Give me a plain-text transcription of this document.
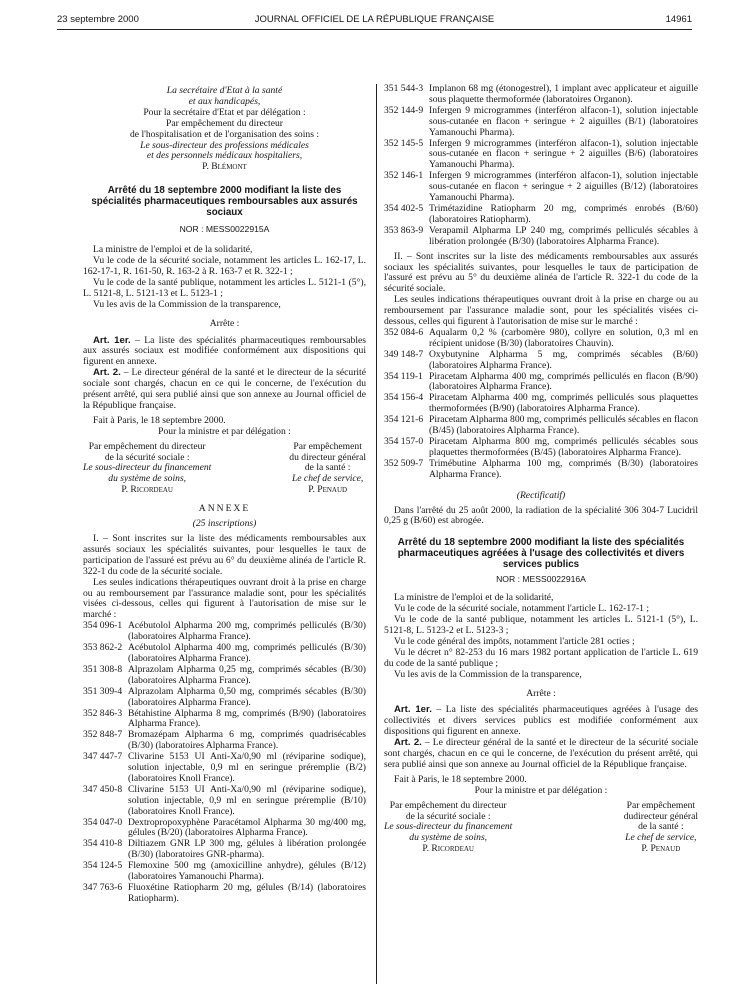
23 septembre 2000	JOURNAL OFFICIEL DE LA RÉPUBLIQUE FRANÇAISE	14961
La secrétaire d'Etat à la santé
et aux handicapés,
Pour la secrétaire d'Etat et par délégation :
Par empêchement du directeur
de l'hospitalisation et de l'organisation des soins :
Le sous-directeur des professions médicales
et des personnels médicaux hospitaliers,
P. Blémont
Arrêté du 18 septembre 2000 modifiant la liste des spécialités pharmaceutiques remboursables aux assurés sociaux
NOR : MESS0022915A
La ministre de l'emploi et de la solidarité,
Vu le code de la sécurité sociale, notamment les articles L. 162-17, L. 162-17-1, R. 161-50, R. 163-2 à R. 163-7 et R. 322-1 ;
Vu le code de la santé publique, notamment les articles L. 5121-1 (5°), L. 5121-8, L. 5121-13 et L. 5123-1 ;
Vu les avis de la Commission de la transparence,
Arrête :
Art. 1er. – La liste des spécialités pharmaceutiques remboursables aux assurés sociaux est modifiée conformément aux dispositions qui figurent en annexe.
Art. 2. – Le directeur général de la santé et le directeur de la sécurité sociale sont chargés, chacun en ce qui le concerne, de l'exécution du présent arrêté, qui sera publié ainsi que son annexe au Journal officiel de la République française.
Fait à Paris, le 18 septembre 2000.
Pour la ministre et par délégation :
Par empêchement du directeur
de la sécurité sociale :
Le sous-directeur du financement
du système de soins,
P. Ricordeau
Par empêchement
du directeur général
de la santé :
Le chef de service,
P. Penaud
ANNEXE
(25 inscriptions)
I. – Sont inscrites sur la liste des médicaments remboursables aux assurés sociaux les spécialités suivantes, pour lesquelles le taux de participation de l'assuré est prévu au 6° du deuxième alinéa de l'article R. 322-1 du code de la sécurité sociale.
Les seules indications thérapeutiques ouvrant droit à la prise en charge ou au remboursement par l'assurance maladie sont, pour les spécialités visées ci-dessous, celles qui figurent à l'autorisation de mise sur le marché :
354 096-1 Acébutolol Alpharma 200 mg, comprimés pelliculés (B/30) (laboratoires Alpharma France).
353 862-2 Acébutolol Alpharma 400 mg, comprimés pelliculés (B/30) (laboratoires Alpharma France).
351 308-8 Alprazolam Alpharma 0,25 mg, comprimés sécables (B/30) (laboratoires Alpharma France).
351 309-4 Alprazolam Alpharma 0,50 mg, comprimés sécables (B/30) (laboratoires Alpharma France).
352 846-3 Bétahistine Alpharma 8 mg, comprimés (B/90) (laboratoires Alpharma France).
352 848-7 Bromazépam Alpharma 6 mg, comprimés quadrisécables (B/30) (laboratoires Alpharma France).
347 447-7 Clivarine 5153 UI Anti-Xa/0,90 ml (réviparine sodique), solution injectable, 0,9 ml en seringue préremplie (B/2) (laboratoires Knoll France).
347 450-8 Clivarine 5153 UI Anti-Xa/0,90 ml (réviparine sodique), solution injectable, 0,9 ml en seringue préremplie (B/10) (laboratoires Knoll France).
354 047-0 Dextropropoxyphène Paracétamol Alpharma 30 mg/400 mg, gélules (B/20) (laboratoires Alpharma France).
354 410-8 Diltiazem GNR LP 300 mg, gélules à libération prolongée (B/30) (laboratoires GNR-pharma).
354 124-5 Flemoxine 500 mg (amoxicilline anhydre), gélules (B/12) (laboratoires Yamanouchi Pharma).
347 763-6 Fluoxétine Ratiopharm 20 mg, gélules (B/14) (laboratoires Ratiopharm).
351 544-3 Implanon 68 mg (étonogestrel), 1 implant avec applicateur et aiguille sous plaquette thermoformée (laboratoires Organon).
352 144-9 Infergen 9 microgrammes (interféron alfacon-1), solution injectable sous-cutanée en flacon + seringue + 2 aiguilles (B/1) (laboratoires Yamanouchi Pharma).
352 145-5 Infergen 9 microgrammes (interféron alfacon-1), solution injectable sous-cutanée en flacon + seringue + 2 aiguilles (B/6) (laboratoires Yamanouchi Pharma).
352 146-1 Infergen 9 microgrammes (interféron alfacon-1), solution injectable sous-cutanée en flacon + seringue + 2 aiguilles (B/12) (laboratoires Yamanouchi Pharma).
354 402-5 Trimétazidine Ratiopharm 20 mg, comprimés enrobés (B/60) (laboratoires Ratiopharm).
353 863-9 Verapamil Alpharma LP 240 mg, comprimés pelliculés sécables à libération prolongée (B/30) (laboratoires Alpharma France).
II. – Sont inscrites sur la liste des médicaments remboursables aux assurés sociaux les spécialités suivantes, pour lesquelles le taux de participation de l'assuré est prévu au 5° du deuxième alinéa de l'article R. 322-1 du code de la sécurité sociale.
Les seules indications thérapeutiques ouvrant droit à la prise en charge ou au remboursement par l'assurance maladie sont, pour les spécialités visées ci-dessous, celles qui figurent à l'autorisation de mise sur le marché :
352 084-6 Aqualarm 0,2 % (carbomère 980), collyre en solution, 0,3 ml en récipient unidose (B/30) (laboratoires Chauvin).
349 148-7 Oxybutynine Alpharma 5 mg, comprimés sécables (B/60) (laboratoires Alpharma France).
354 119-1 Piracetam Alpharma 400 mg, comprimés pelliculés en flacon (B/90) (laboratoires Alpharma France).
354 156-4 Piracetam Alpharma 400 mg, comprimés pelliculés sous plaquettes thermoformées (B/90) (laboratoires Alpharma France).
354 121-6 Piracetam Alpharma 800 mg, comprimés pelliculés sécables en flacon (B/45) (laboratoires Alpharma France).
354 157-0 Piracetam Alpharma 800 mg, comprimés pelliculés sécables sous plaquettes thermoformées (B/45) (laboratoires Alpharma France).
352 509-7 Trimébutine Alpharma 100 mg, comprimés (B/30) (laboratoires Alpharma France).
(Rectificatif)
Dans l'arrêté du 25 août 2000, la radiation de la spécialité 306 304-7 Lucidril 0,25 g (B/60) est abrogée.
Arrêté du 18 septembre 2000 modifiant la liste des spécialités pharmaceutiques agréées à l'usage des collectivités et divers services publics
NOR : MESS0022916A
La ministre de l'emploi et de la solidarité,
Vu le code de la sécurité sociale, notamment l'article L. 162-17-1 ;
Vu le code de la santé publique, notamment les articles L. 5121-1 (5°), L. 5121-8, L. 5123-2 et L. 5123-3 ;
Vu le code général des impôts, notamment l'article 281 octies ;
Vu le décret n° 82-253 du 16 mars 1982 portant application de l'article L. 619 du code de la santé publique ;
Vu les avis de la Commission de la transparence,
Arrête :
Art. 1er. – La liste des spécialités pharmaceutiques agréées à l'usage des collectivités et divers services publics est modifiée conformément aux dispositions qui figurent en annexe.
Art. 2. – Le directeur général de la santé et le directeur de la sécurité sociale sont chargés, chacun en ce qui le concerne, de l'exécution du présent arrêté, qui sera publié ainsi que son annexe au Journal officiel de la République française.
Fait à Paris, le 18 septembre 2000.
Pour la ministre et par délégation :
Par empêchement du directeur
de la sécurité sociale :
Le sous-directeur du financement
du système de soins,
P. Ricordeau
Par empêchement
dudirecteur général
de la santé :
Le chef de service,
P. Penaud
